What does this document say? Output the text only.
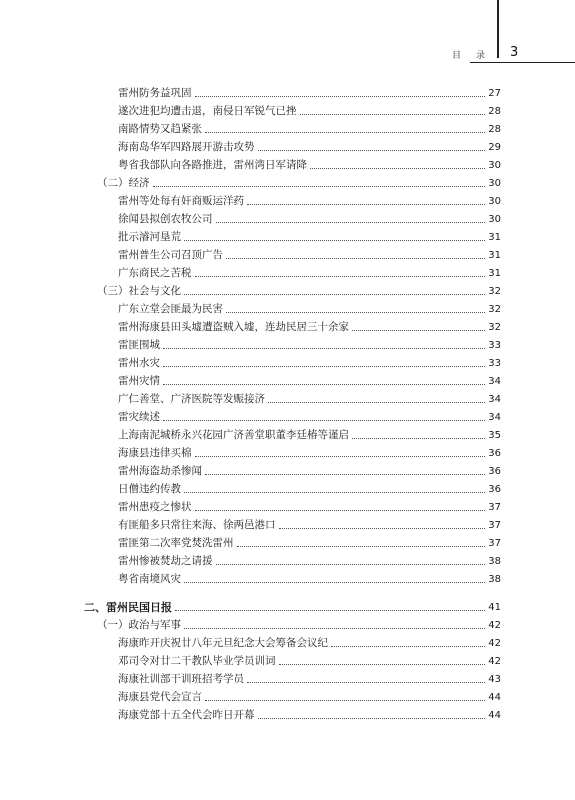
目 录 3
雷州防务益巩固	27
遂次进犯均遭击退，南侵日军锐气已挫	28
南路情势又趋紧张	28
海南岛华军四路展开游击攻势	29
粤省我部队向各路推进，雷州湾日军请降	30
（二）经济	30
雷州等处每有奸商贩运洋药	30
徐闻县拟创农牧公司	30
批示濬河垦荒	31
雷州普生公司召顶广告	31
广东商民之苦税	31
（三）社会与文化	32
广东立堂会匪最为民害	32
雷州海康县田头墟遭盗贼入墟，连劫民居三十余家	32
雷匪围城	33
雷州水灾	33
雷州灾情	34
广仁善堂、广济医院等发赈接济	34
雷灾续述	34
上海南泥城桥永兴花园广济善堂职董李廷椿等谨启	35
海康县违律买棉	36
雷州海盗劫杀惨闻	36
日僧违约传教	36
雷州患疫之惨状	37
有匪船多只常往来海、徐两邑港口	37
雷匪第二次率党焚洗雷州	37
雷州惨被焚劫之请援	38
粤省南境风灾	38
二、雷州民国日报	41
（一）政治与军事	42
海康昨开庆祝廿八年元旦纪念大会筹备会议纪	42
邓司令对廿二干教队毕业学员训词	42
海康社训部干训班招考学员	43
海康县党代会宣言	44
海康党部十五全代会昨日开幕	44
